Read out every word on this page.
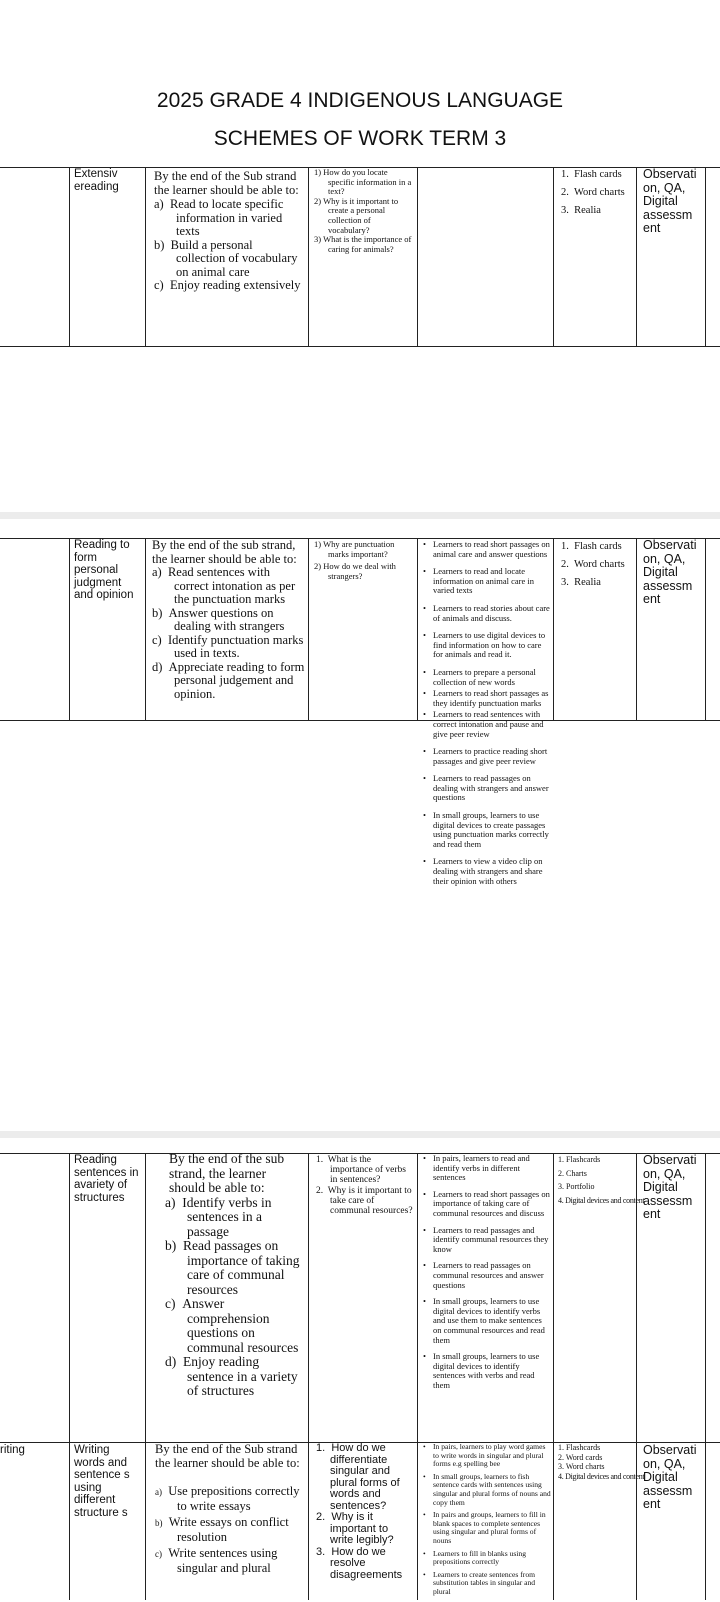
2025 GRADE 4 INDIGENOUS LANGUAGE
SCHEMES OF WORK TERM 3
Extensiv ereading
By the end of the Sub strand the learner should be able to:
a) Read to locate specific information in varied texts
b) Build a personal collection of vocabulary on animal care
c) Enjoy reading extensively
1) How do you locate specific information in a text?
2) Why is it important to create a personal collection of vocabulary?
3) What is the importance of caring for animals?
1. Flash cards
2. Word charts
3. Realia
Observati on, QA, Digital assessm ent
Reading to form personal judgment and opinion
By the end of the sub strand, the learner should be able to:
a) Read sentences with correct intonation as per the punctuation marks
b) Answer questions on dealing with strangers
c) Identify punctuation marks used in texts.
d) Appreciate reading to form personal judgement and opinion.
1) Why are punctuation marks important?
2) How do we deal with strangers?
• Learners to read short passages on animal care and answer questions
• Learners to read and locate information on animal care in varied texts
• Learners to read stories about care of animals and discuss.
• Learners to use digital devices to find information on how to care for animals and read it.
• Learners to prepare a personal collection of new words
• Learners to read short passages as they identify punctuation marks
• Learners to read sentences with correct intonation and pause and give peer review
• Learners to practice reading short passages and give peer review
• Learners to read passages on dealing with strangers and answer questions
• In small groups, learners to use digital devices to create passages using punctuation marks correctly and read them
• Learners to view a video clip on dealing with strangers and share their opinion with others
1. Flash cards
2. Word charts
3. Realia
Observati on, QA, Digital assessm ent
Reading sentences in avariety of structures
By the end of the sub strand, the learner should be able to:
a) Identify verbs in sentences in a passage
b) Read passages on importance of taking care of communal resources
c) Answer comprehension questions on communal resources
d) Enjoy reading sentence in a variety of structures
1. What is the importance of verbs in sentences?
2. Why is it important to take care of communal resources?
• In pairs, learners to read and identify verbs in different sentences
• Learners to read short passages on importance of taking care of communal resources and discuss
• Learners to read passages and identify communal resources they know
• Learners to read passages on communal resources and answer questions
• In small groups, learners to use digital devices to identify verbs and use them to make sentences on communal resources and read them
• In small groups, learners to use digital devices to identify sentences with verbs and read them
1. Flashcards
2. Charts
3. Portfolio
4. Digital devices and content
Observati on, QA, Digital assessm ent
riting	Writing words and sentence s using different structure s
By the end of the Sub strand the learner should be able to:
a) Use prepositions correctly to write essays
b) Write essays on conflict resolution
c) Write sentences using singular and plural
1. How do we differentiate singular and plural forms of words and sentences?
2. Why is it important to write legibly?
3. How do we resolve disagreements
• In pairs, learners to play word games to write words in singular and plural forms e.g spelling bee
• In small groups, learners to fish sentence cards with sentences using singular and plural forms of nouns and copy them
• In pairs and groups, learners to fill in blank spaces to complete sentences using singular and plural forms of nouns
• Learners to fill in blanks using prepositions correctly
• Learners to create sentences from substitution tables in singular and plural
1. Flashcards
2. Word cards
3. Word charts
4. Digital devices and content
Observati on, QA, Digital assessm ent
